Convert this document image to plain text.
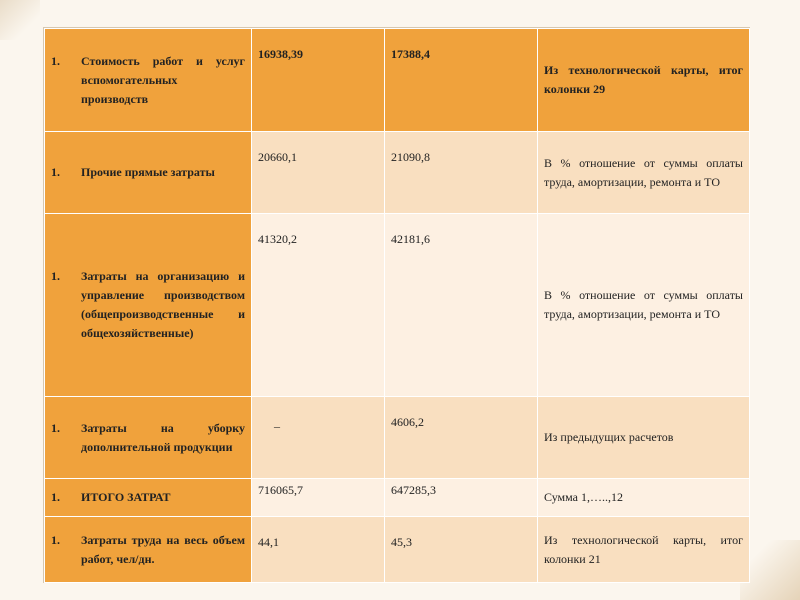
1. Стоимость работ и услуг вспомогательных производств	16938,39	17388,4	Из технологической карты, итог колонки 29

1. Прочие прямые затраты	20660,1	21090,8	В % отношение от суммы оплаты труда, амортизации, ремонта и ТО

1. Затраты на организацию и управление производством (общепроизводственные и общехозяйственные)	41320,2	42181,6	В % отношение от суммы оплаты труда, амортизации, ремонта и ТО

1. Затраты на уборку дополнительной продукции	_	4606,2	Из предыдущих расчетов

1. ИТОГО ЗАТРАТ	716065,7	647285,3	Сумма 1,…..,12

1. Затраты труда на весь объем работ, чел/дн.	44,1	45,3	Из технологической карты, итог колонки 21
